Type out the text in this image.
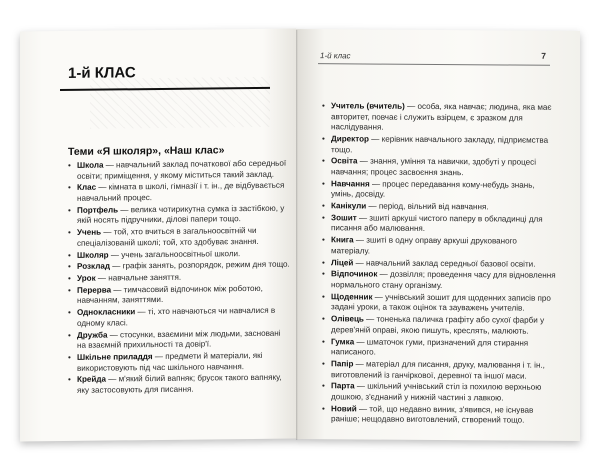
1-й КЛАС
Теми «Я школяр», «Наш клас»
• Школа — навчальний заклад початкової або середньої освіти; приміщення, у якому міститься такий заклад.
• Клас — кімната в школі, гімназії і т. ін., де відбувається навчальний процес.
• Портфель — велика чотирикутна сумка із застібкою, у якій носять підручники, ділові папери тощо.
• Учень — той, хто вчиться в загальноосвітній чи спеціалізованій школі; той, хто здобуває знання.
• Школяр — учень загальноосвітньої школи.
• Розклад — графік занять, розпорядок, режим дня тощо.
• Урок — навчальне заняття.
• Перерва — тимчасовий відпочинок між роботою, навчанням, заняттями.
• Однокласники — ті, хто навчаються чи навчалися в одному класі.
• Дружба — стосунки, взаємини між людьми, засновані на взаємній прихильності та довір'ї.
• Шкільне приладдя — предмети й матеріали, які використовують під час шкільного навчання.
• Крейда — м'який білий вапняк; брусок такого вапняку, яку застосовують для писання.
1-й клас	7
• Учитель (вчитель) — особа, яка навчає; людина, яка має авторитет, повчає і служить взірцем, є зразком для наслідування.
• Директор — керівник навчального закладу, підприємства тощо.
• Освіта — знання, уміння та навички, здобуті у процесі навчання; процес засвоєння знань.
• Навчання — процес передавання кому-небудь знань, умінь, досвіду.
• Канікули — період, вільний від навчання.
• Зошит — зшиті аркуші чистого паперу в обкладинці для писання або малювання.
• Книга — зшиті в одну оправу аркуші друкованого матеріалу.
• Ліцей — навчальний заклад середньої базової освіти.
• Відпочинок — дозвілля; проведення часу для відновлення нормального стану організму.
• Щоденник — учнівський зошит для щоденних записів про задані уроки, а також оцінок та зауважень учителів.
• Олівець — тоненька паличка графіту або сухої фарби у дерев'яній оправі, якою пишуть, креслять, малюють.
• Гумка — шматочок гуми, призначений для стирання написаного.
• Папір — матеріал для писання, друку, малювання і т. ін., виготовлений із ганчіркової, деревної та іншої маси.
• Парта — шкільний учнівський стіл із похилою верхньою дошкою, з'єднаний у нижній частині з лавкою.
• Новий — той, що недавно виник, з'явився, не існував раніше; нещодавно виготовлений, створений тощо.
